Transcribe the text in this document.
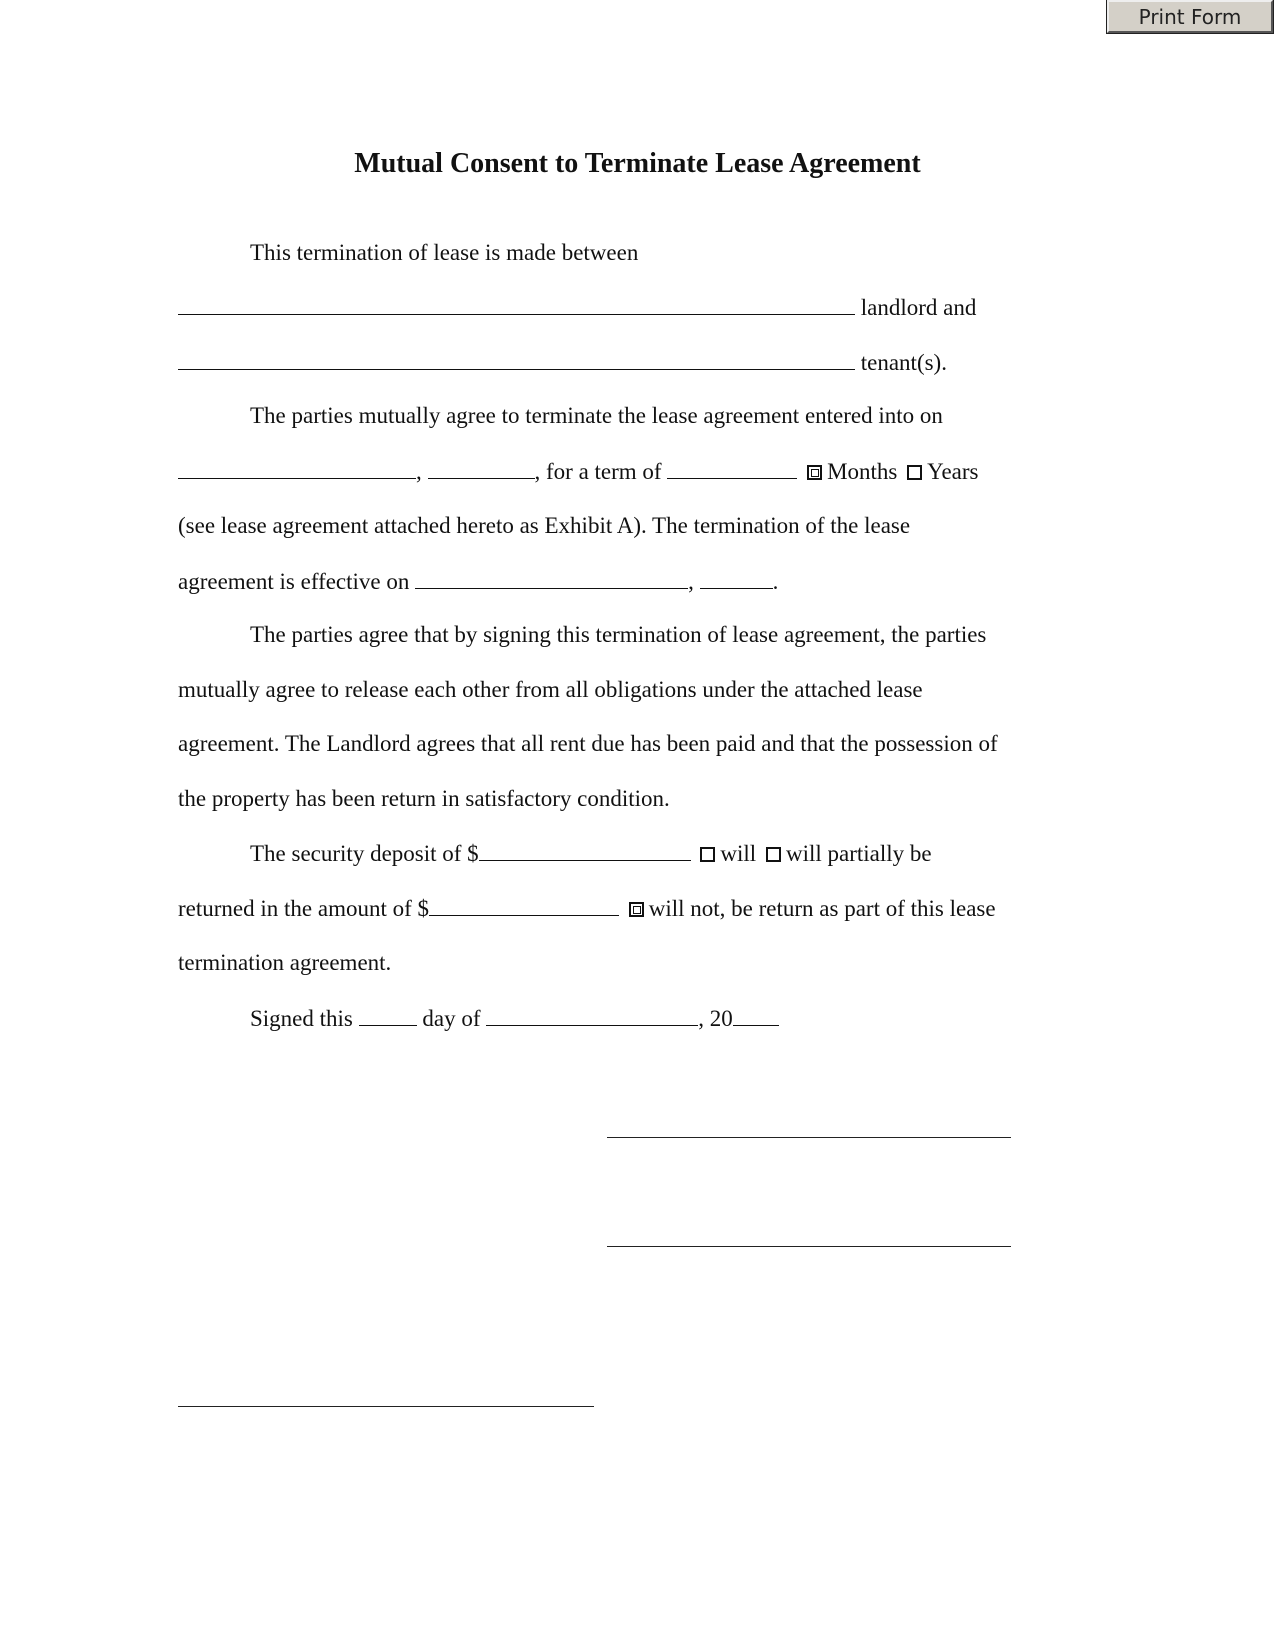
Print Form
Mutual Consent to Terminate Lease Agreement

This termination of lease is made between

landlord and

tenant(s).

The parties mutually agree to terminate the lease agreement entered into on

,	, for a term of	Months Years

(see lease agreement attached hereto as Exhibit A). The termination of the lease

agreement is effective on	,	.

The parties agree that by signing this termination of lease agreement, the parties

mutually agree to release each other from all obligations under the attached lease

agreement. The Landlord agrees that all rent due has been paid and that the possession of

the property has been return in satisfactory condition.

The security deposit of $	will will partially be

returned in the amount of $	will not, be return as part of this lease

termination agreement.

Signed this	day of	, 20
